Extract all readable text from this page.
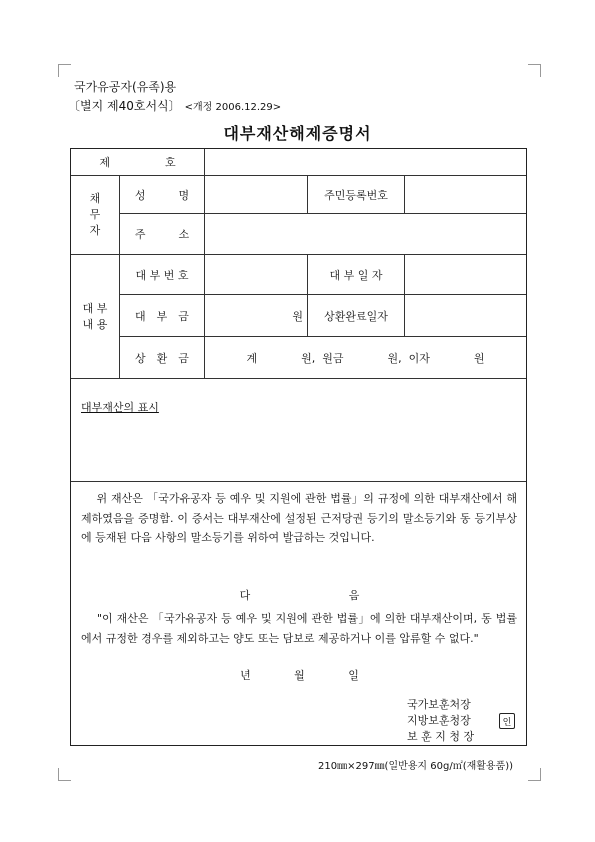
국가유공자(유족)용
〔별지 제40호서식〕 <개정 2006.12.29>
대부재산해제증명서
제　　　　　호
채
무
자
성　　　명	주민등록번호
주　　　소
대 부
내 용
대 부 번 호	대 부 일 자
대　부　금	원	상환완료일자
상　환　금	계　　　　원,  원금　　　　원,  이자　　　　원
대부재산의 표시
위 재산은 「국가유공자 등 예우 및 지원에 관한 법률」의 규정에 의한 대부재산에서 해제하였음을 증명함. 이 증서는 대부재산에 설정된 근저당권 등기의 말소등기와 동 등기부상에 등재된 다음 사항의 말소등기를 위하여 발급하는 것입니다.
다 음
"이 재산은 「국가유공자 등 예우 및 지원에 관한 법률」에 의한 대부재산이며, 동 법률에서 규정한 경우를 제외하고는 양도 또는 담보로 제공하거나 이를 압류할 수 없다."
년 월 일
국가보훈처장
지방보훈청장
보 훈 지 청 장
인
210㎜×297㎜(일반용지 60g/㎡(재활용품))
